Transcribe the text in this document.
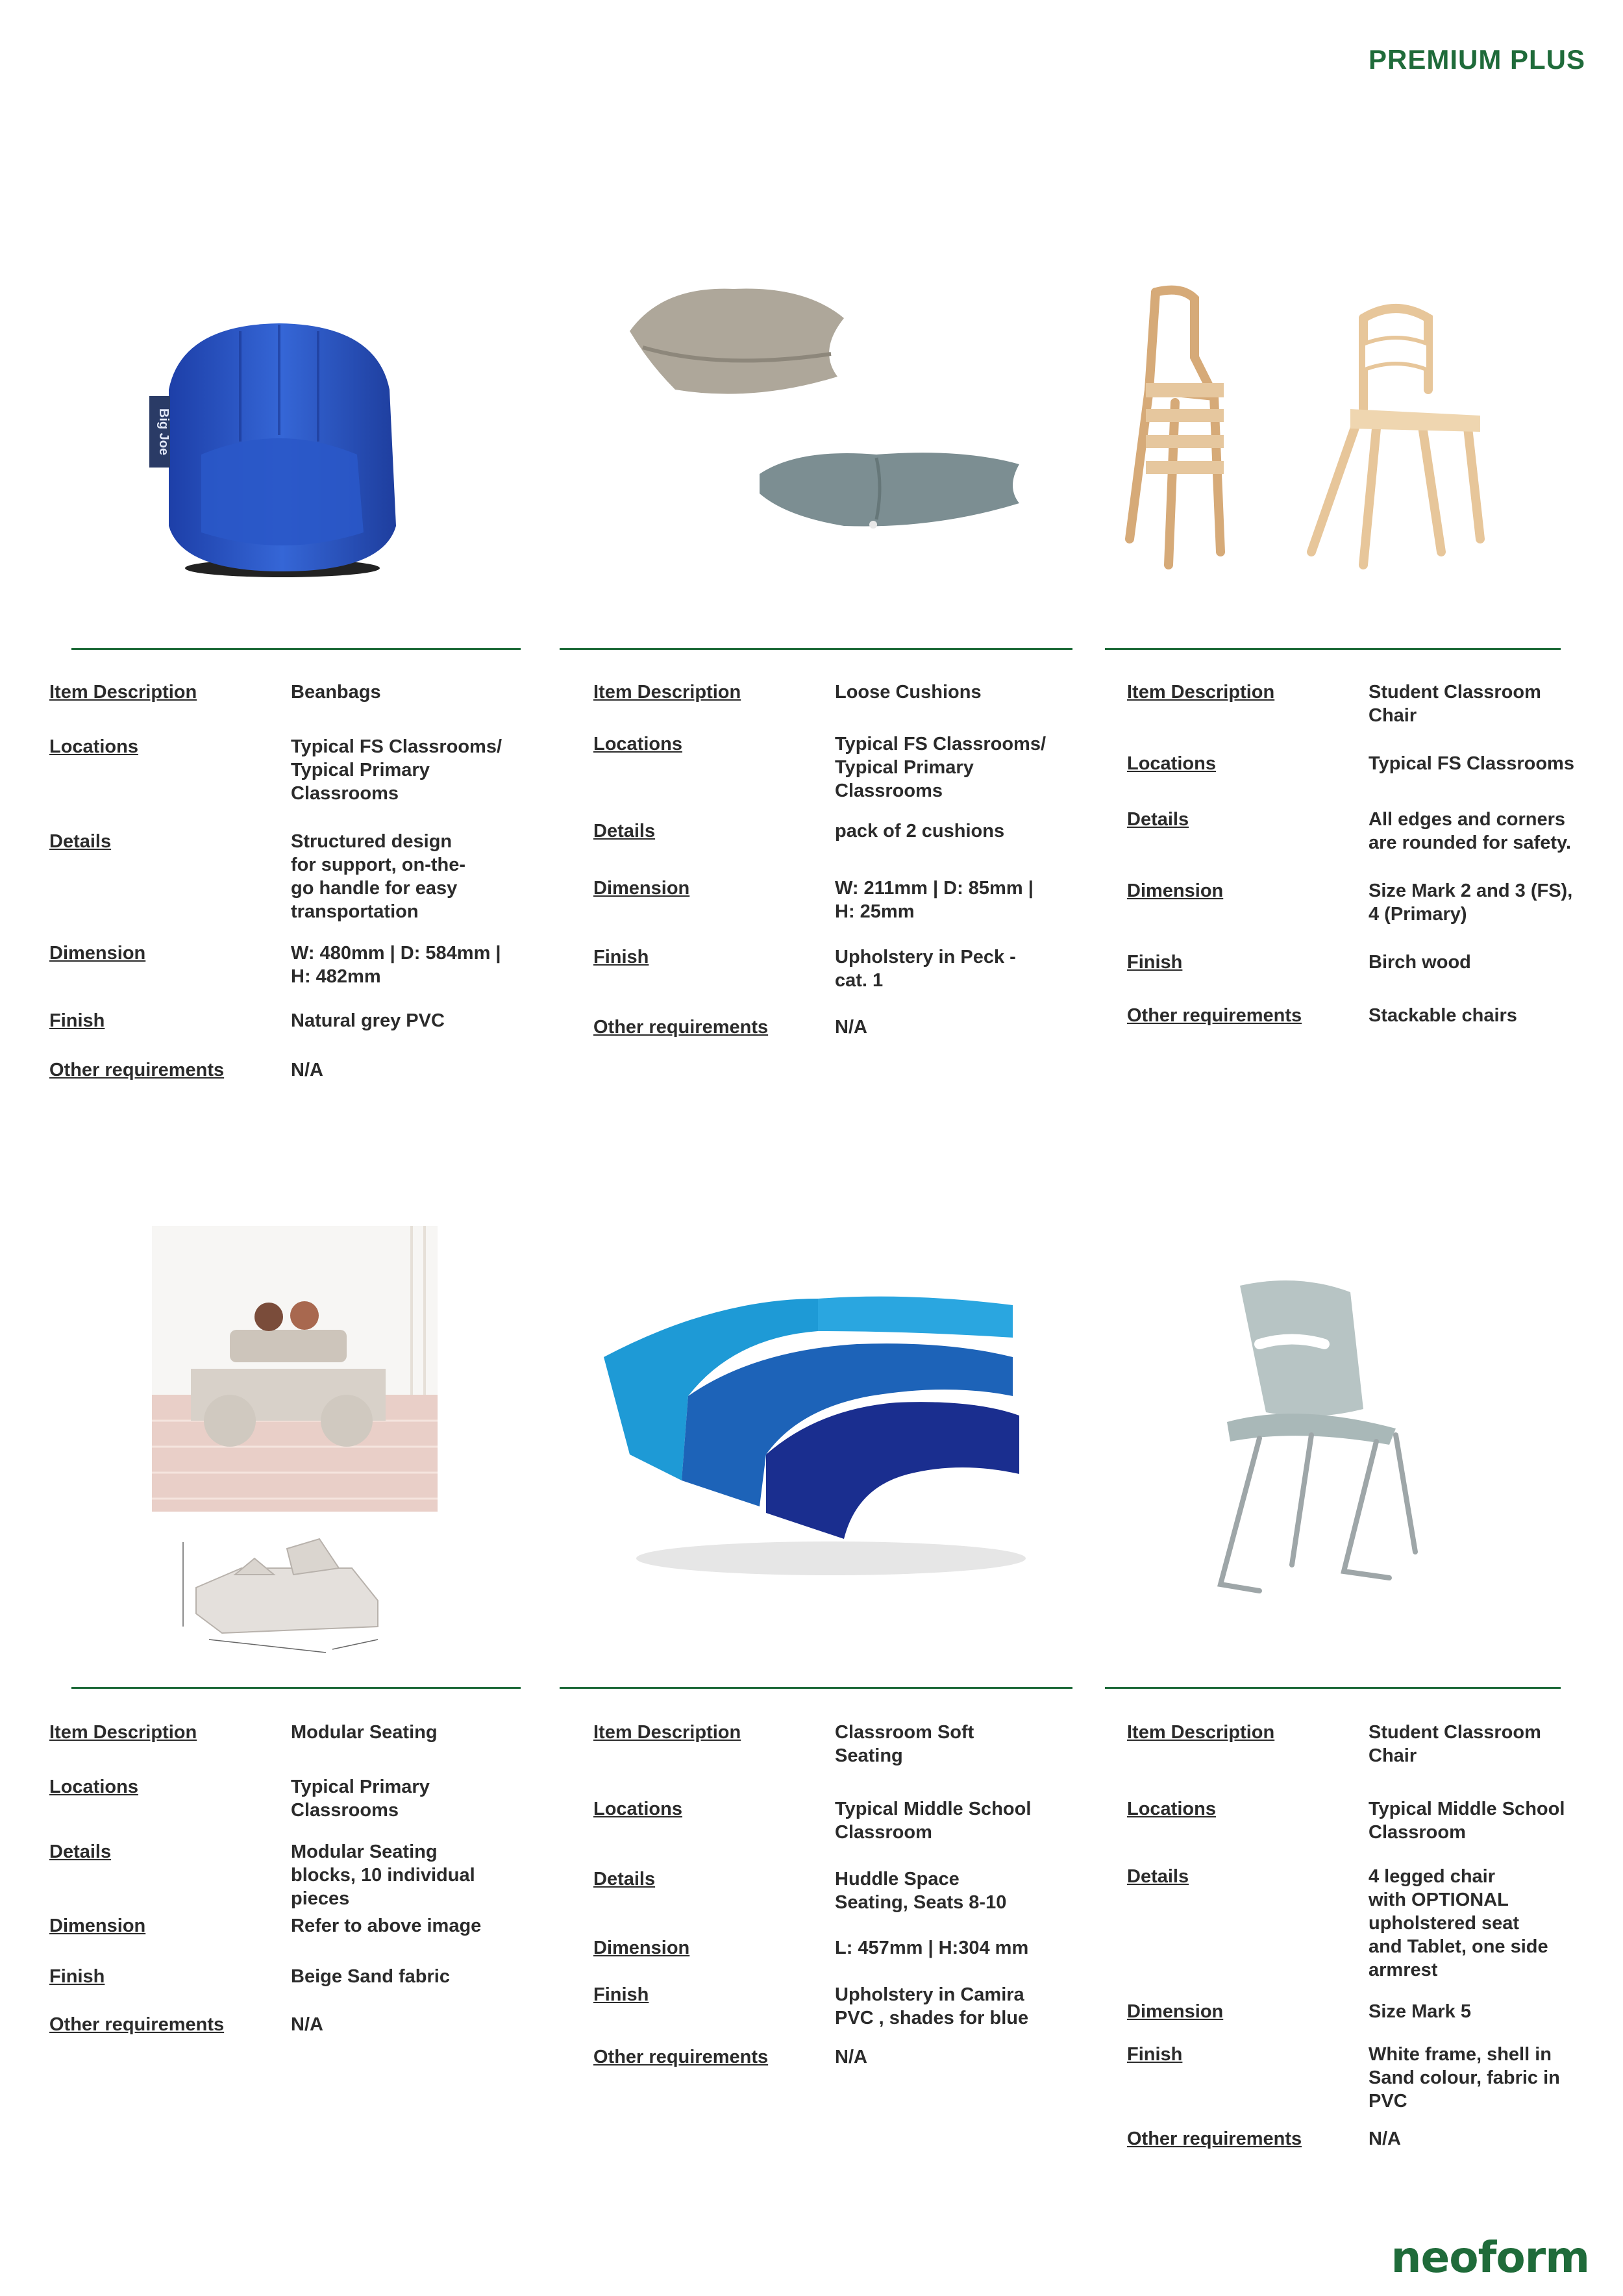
PREMIUM PLUS
Big Joe
Item Description	Beanbags
Locations	Typical FS Classrooms/
Typical Primary
Classrooms
Details	Structured design
for support, on-the-
go handle for easy
transportation
Dimension	W: 480mm | D: 584mm |
H: 482mm
Finish	Natural grey PVC
Other requirements	N/A
Item Description	Loose Cushions
Locations	Typical FS Classrooms/
Typical Primary
Classrooms
Details	pack of 2 cushions
Dimension	W: 211mm | D: 85mm |
H: 25mm
Finish	Upholstery in Peck -
cat. 1
Other requirements	N/A
Item Description	Student Classroom
Chair
Locations	Typical FS Classrooms
Details	All edges and corners
are rounded for safety.
Dimension	Size Mark 2 and 3 (FS),
4 (Primary)
Finish	Birch wood
Other requirements	Stackable chairs
Item Description	Modular Seating
Locations	Typical Primary
Classrooms
Details	Modular Seating
blocks, 10 individual
pieces
Dimension	Refer to above image
Finish	Beige Sand fabric
Other requirements	N/A
Item Description	Classroom Soft
Seating
Locations	Typical Middle School
Classroom
Details	Huddle Space
Seating, Seats 8-10
Dimension	L: 457mm | H:304 mm
Finish	Upholstery in Camira
PVC , shades for blue
Other requirements	N/A
Item Description	Student Classroom
Chair
Locations	Typical Middle School
Classroom
Details	4 legged chair
with OPTIONAL
upholstered seat
and Tablet, one side
armrest
Dimension	Size Mark 5
Finish	White frame, shell in
Sand colour, fabric in
PVC
Other requirements	N/A
neoform
